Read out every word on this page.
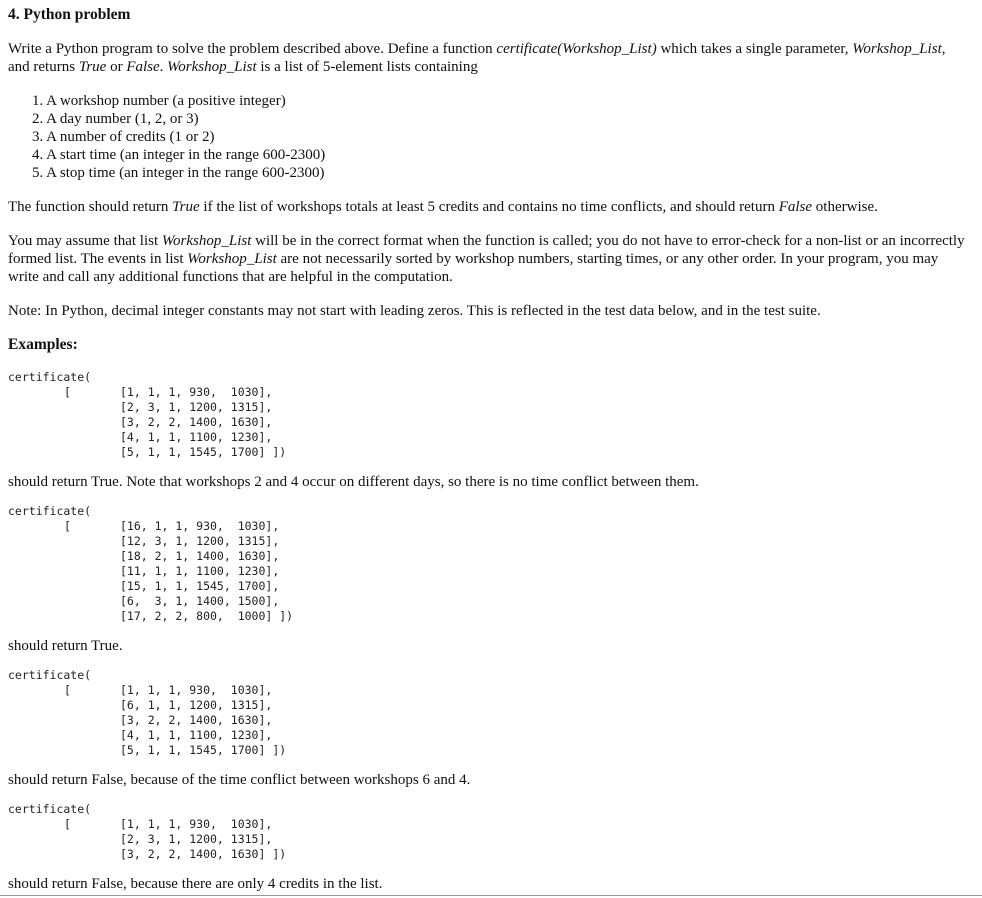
4. Python problem

Write a Python program to solve the problem described above. Define a function certificate(Workshop_List) which takes a single parameter, Workshop_List, and returns True or False. Workshop_List is a list of 5-element lists containing

1. A workshop number (a positive integer)
2. A day number (1, 2, or 3)
3. A number of credits (1 or 2)
4. A start time (an integer in the range 600-2300)
5. A stop time (an integer in the range 600-2300)

The function should return True if the list of workshops totals at least 5 credits and contains no time conflicts, and should return False otherwise.

You may assume that list Workshop_List will be in the correct format when the function is called; you do not have to error-check for a non-list or an incorrectly formed list. The events in list Workshop_List are not necessarily sorted by workshop numbers, starting times, or any other order. In your program, you may write and call any additional functions that are helpful in the computation.

Note: In Python, decimal integer constants may not start with leading zeros. This is reflected in the test data below, and in the test suite.

Examples:

certificate(
[	[1, 1, 1, 930,  1030],
[2, 3, 1, 1200, 1315],
[3, 2, 2, 1400, 1630],
[4, 1, 1, 1100, 1230],
[5, 1, 1, 1545, 1700] ])

should return True. Note that workshops 2 and 4 occur on different days, so there is no time conflict between them.

certificate(
[	[16, 1, 1, 930,  1030],
[12, 3, 1, 1200, 1315],
[18, 2, 1, 1400, 1630],
[11, 1, 1, 1100, 1230],
[15, 1, 1, 1545, 1700],
[6,  3, 1, 1400, 1500],
[17, 2, 2, 800,  1000] ])

should return True.

certificate(
[	[1, 1, 1, 930,  1030],
[6, 1, 1, 1200, 1315],
[3, 2, 2, 1400, 1630],
[4, 1, 1, 1100, 1230],
[5, 1, 1, 1545, 1700] ])

should return False, because of the time conflict between workshops 6 and 4.

certificate(
[	[1, 1, 1, 930,  1030],
[2, 3, 1, 1200, 1315],
[3, 2, 2, 1400, 1630] ])

should return False, because there are only 4 credits in the list.
